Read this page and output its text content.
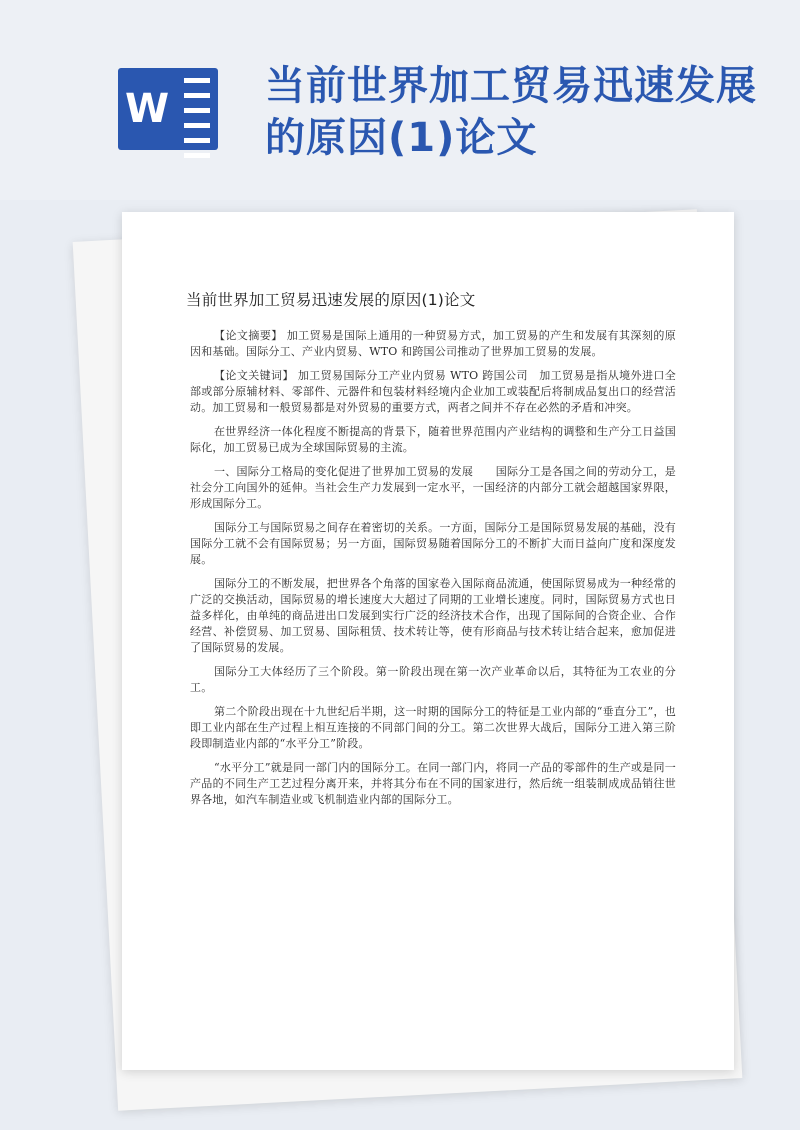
W 当前世界加工贸易迅速发展的原因(1)论文
当前世界加工贸易迅速发展的原因(1)论文

【论文摘要】 加工贸易是国际上通用的一种贸易方式，加工贸易的产生和发展有其深刻的原因和基础。国际分工、产业内贸易、WTO 和跨国公司推动了世界加工贸易的发展。

【论文关键词】 加工贸易国际分工产业内贸易 WTO 跨国公司　加工贸易是指从境外进口全部或部分原辅材料、零部件、元器件和包装材料经境内企业加工或装配后将制成品复出口的经营活动。加工贸易和一般贸易都是对外贸易的重要方式，两者之间并不存在必然的矛盾和冲突。

在世界经济一体化程度不断提高的背景下，随着世界范围内产业结构的调整和生产分工日益国际化，加工贸易已成为全球国际贸易的主流。

一、国际分工格局的变化促进了世界加工贸易的发展　　国际分工是各国之间的劳动分工，是社会分工向国外的延伸。当社会生产力发展到一定水平，一国经济的内部分工就会超越国家界限，形成国际分工。

国际分工与国际贸易之间存在着密切的关系。一方面，国际分工是国际贸易发展的基础，没有国际分工就不会有国际贸易；另一方面，国际贸易随着国际分工的不断扩大而日益向广度和深度发展。

国际分工的不断发展，把世界各个角落的国家卷入国际商品流通，使国际贸易成为一种经常的广泛的交换活动，国际贸易的增长速度大大超过了同期的工业增长速度。同时，国际贸易方式也日益多样化，由单纯的商品进出口发展到实行广泛的经济技术合作，出现了国际间的合资企业、合作经营、补偿贸易、加工贸易、国际租赁、技术转让等，使有形商品与技术转让结合起来，愈加促进了国际贸易的发展。

国际分工大体经历了三个阶段。第一阶段出现在第一次产业革命以后，其特征为工农业的分工。

第二个阶段出现在十九世纪后半期，这一时期的国际分工的特征是工业内部的“垂直分工”，也即工业内部在生产过程上相互连接的不同部门间的分工。第二次世界大战后，国际分工进入第三阶段即制造业内部的“水平分工”阶段。

“水平分工”就是同一部门内的国际分工。在同一部门内，将同一产品的零部件的生产或是同一产品的不同生产工艺过程分离开来，并将其分布在不同的国家进行，然后统一组装制成成品销往世界各地，如汽车制造业或飞机制造业内部的国际分工。
